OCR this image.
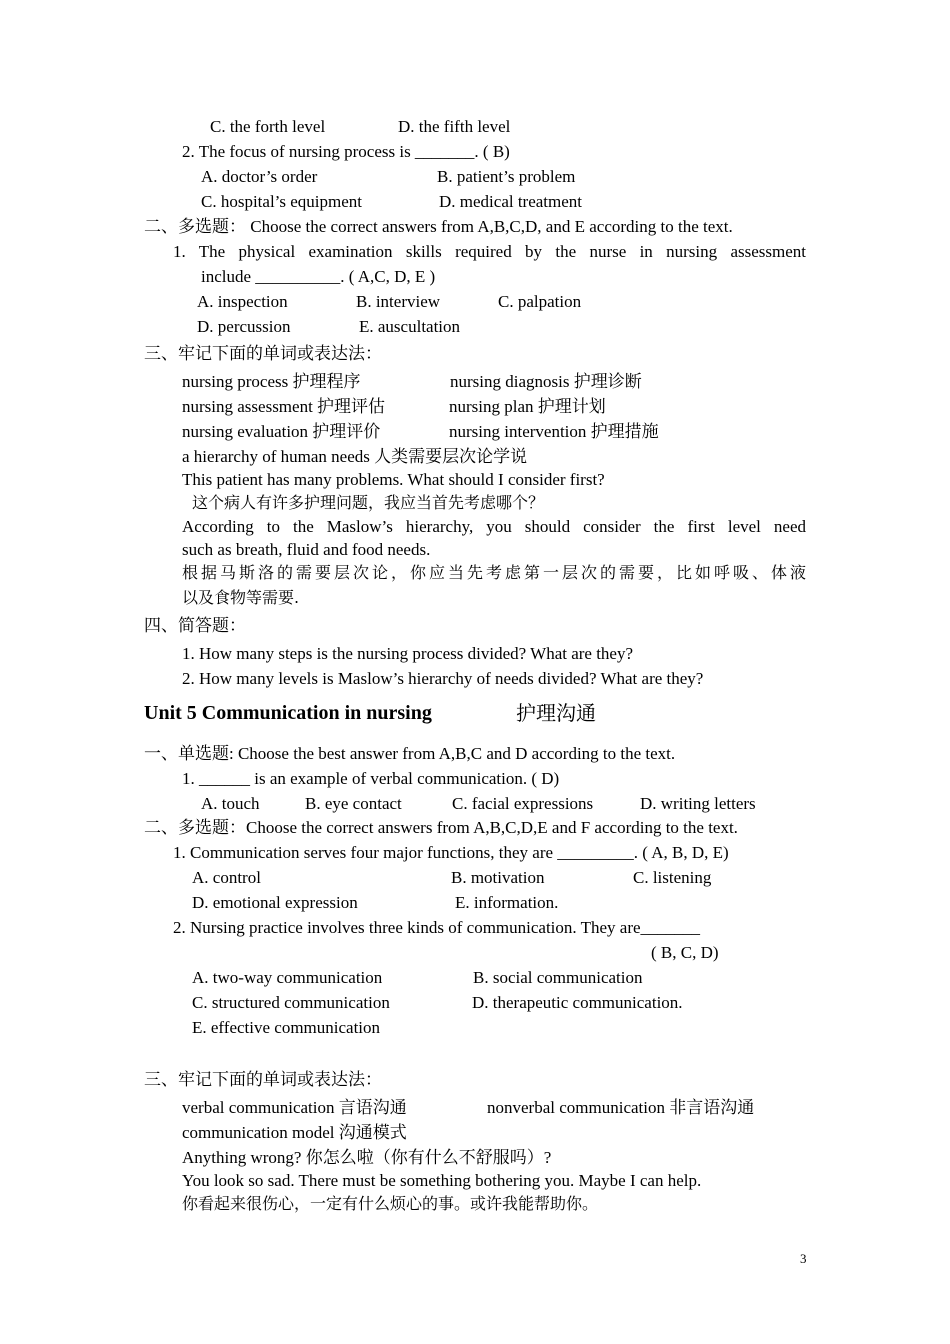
C. the forth level	D. the fifth level
2. The focus of nursing process is _______. ( B)
A. doctor’s order	B. patient’s problem
C. hospital’s equipment	D. medical treatment
二、多选题： Choose the correct answers from A,B,C,D, and E according to the text.
1. The physical examination skills required by the nurse in nursing assessment
include __________. ( A,C, D, E )
A. inspection	B. interview	C. palpation
D. percussion	E. auscultation
三、牢记下面的单词或表达法：
nursing process 护理程序	nursing diagnosis 护理诊断
nursing assessment 护理评估	nursing plan 护理计划
nursing evaluation 护理评价	nursing intervention 护理措施
a hierarchy of human needs 人类需要层次论学说
This patient has many problems. What should I consider first?
这个病人有许多护理问题，我应当首先考虑哪个？
According to the Maslow’s hierarchy, you should consider the first level need
such as breath, fluid and food needs.
根据马斯洛的需要层次论，你应当先考虑第一层次的需要，比如呼吸、体液
以及食物等需要.
四、简答题：
1. How many steps is the nursing process divided? What are they?
2. How many levels is Maslow’s hierarchy of needs divided? What are they?
Unit 5 Communication in nursing	护理沟通
一、单选题: Choose the best answer from A,B,C and D according to the text.
1. ______ is an example of verbal communication. ( D)
A. touch	B. eye contact	C. facial expressions	D. writing letters
二、多选题：Choose the correct answers from A,B,C,D,E and F according to the text.
1. Communication serves four major functions, they are _________. ( A, B, D, E)
A. control	B. motivation	C. listening
D. emotional expression	E. information.
2. Nursing practice involves three kinds of communication. They are_______
( B, C, D)
A. two-way communication	B. social communication
C. structured communication	D. therapeutic communication.
E. effective communication
三、牢记下面的单词或表达法：
verbal communication 言语沟通	nonverbal communication 非言语沟通
communication model 沟通模式
Anything wrong? 你怎么啦（你有什么不舒服吗）?
You look so sad. There must be something bothering you. Maybe I can help.
你看起来很伤心，一定有什么烦心的事。或许我能帮助你。
3
